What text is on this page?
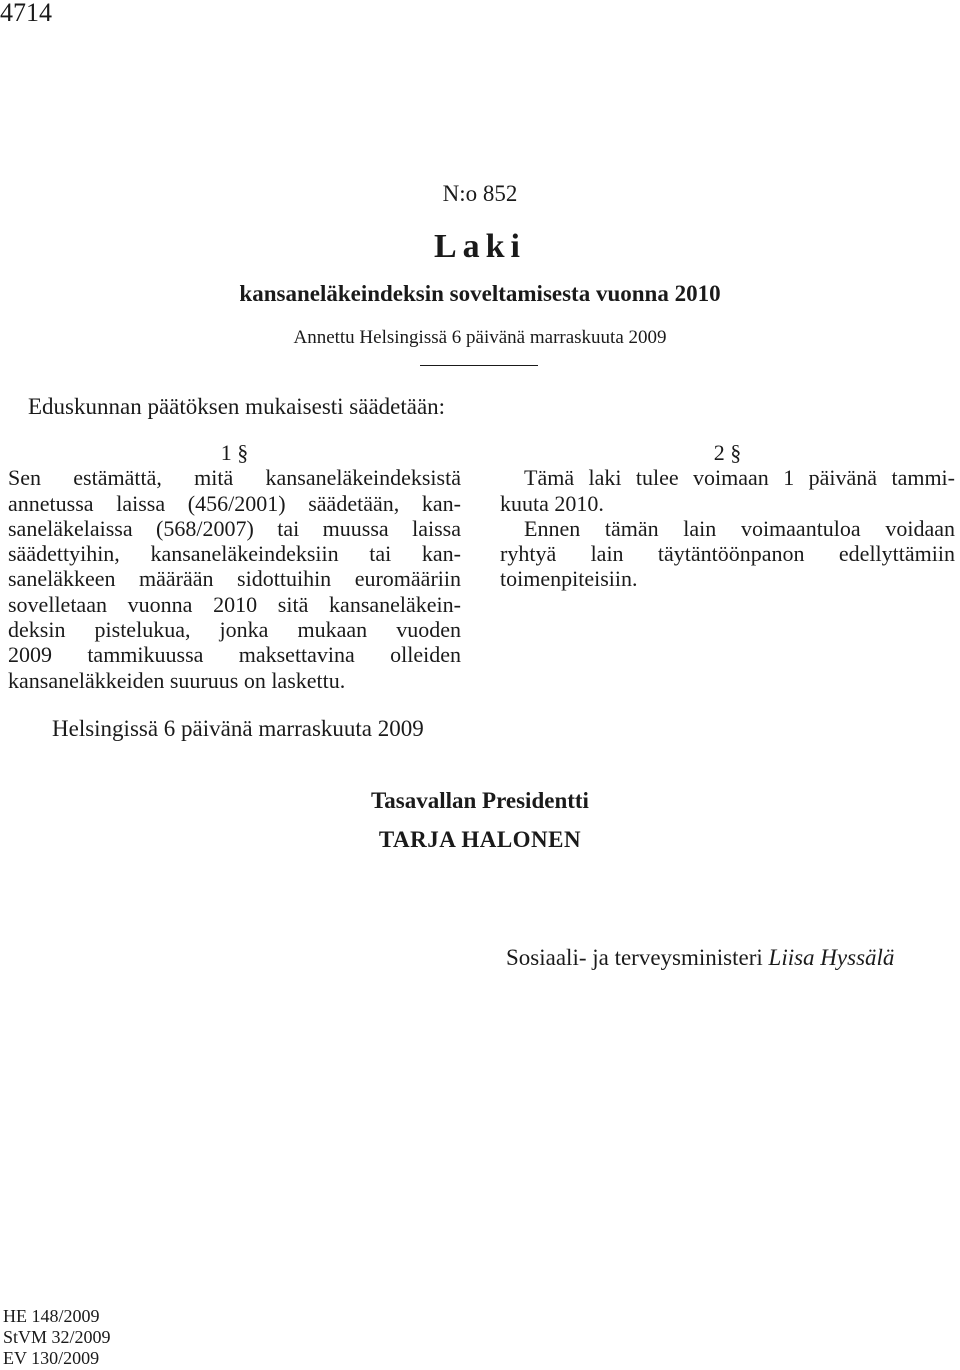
4714
N:o 852
Laki
kansaneläkeindeksin soveltamisesta vuonna 2010
Annettu Helsingissä 6 päivänä marraskuuta 2009
Eduskunnan päätöksen mukaisesti säädetään:
1 §
Sen estämättä, mitä kansaneläkeindeksistä
annetussa laissa (456/2001) säädetään, kan-
saneläkelaissa (568/2007) tai muussa laissa
säädettyihin, kansaneläkeindeksiin tai kan-
saneläkkeen määrään sidottuihin euromääriin
sovelletaan vuonna 2010 sitä kansaneläkein-
deksin pistelukua, jonka mukaan vuoden
2009 tammikuussa maksettavina olleiden
kansaneläkkeiden suuruus on laskettu.
2 §
Tämä laki tulee voimaan 1 päivänä tammi-
kuuta 2010.
Ennen tämän lain voimaantuloa voidaan
ryhtyä lain täytäntöönpanon edellyttämiin
toimenpiteisiin.
Helsingissä 6 päivänä marraskuuta 2009
Tasavallan Presidentti
TARJA HALONEN
Sosiaali- ja terveysministeri Liisa Hyssälä
HE 148/2009
StVM 32/2009
EV 130/2009
